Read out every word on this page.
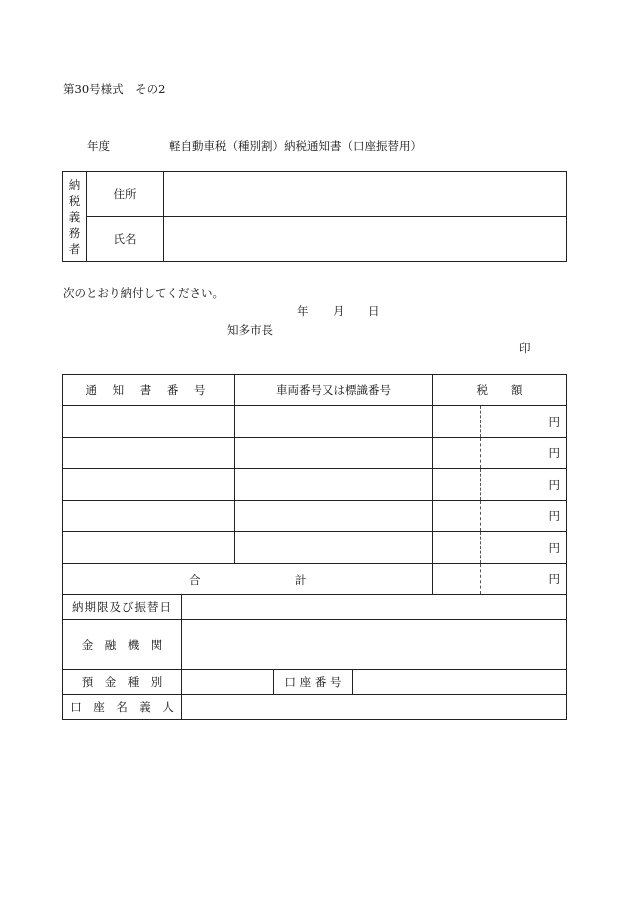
第30号様式　その2
年度	軽自動車税（種別割）納税通知書（口座振替用）
納
税
義
務
者	住所	
	氏名	
次のとおり納付してください。
年 月 日
知多市長
印
通 知 書 番 号	車両番号又は標識番号	税　　額	
			円
			円
			円
			円
			円

合 計			円
納期限及び振替日			
金　融　機　関			
預　金　種　別		口 座 番 号	
口　座　名　義　人			
